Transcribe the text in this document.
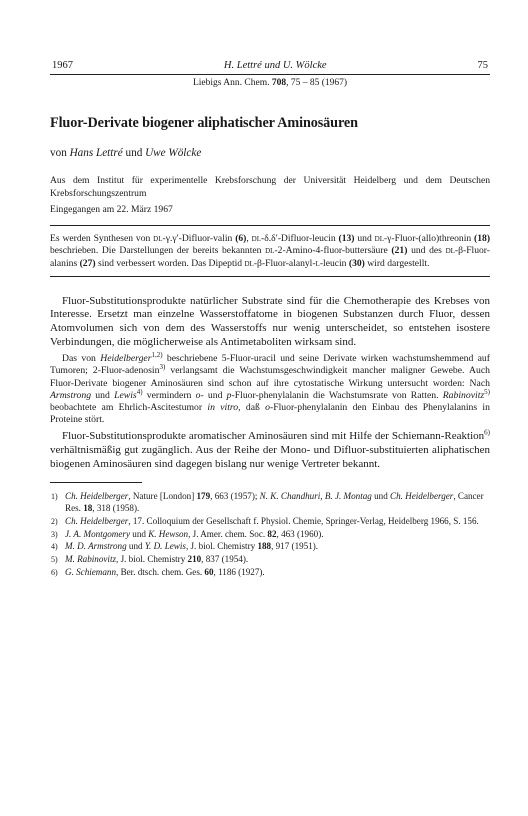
1967	H. Lettré und U. Wölcke	75
Liebigs Ann. Chem. 708, 75 – 85 (1967)
Fluor-Derivate biogener aliphatischer Aminosäuren
von Hans Lettré und Uwe Wölcke
Aus dem Institut für experimentelle Krebsforschung der Universität Heidelberg und dem Deutschen Krebsforschungszentrum
Eingegangen am 22. März 1967
Es werden Synthesen von dl-γ.γ′-Difluor-valin (6), dl-δ.δ′-Difluor-leucin (13) und dl-γ-Fluor-(allo)threonin (18) beschrieben. Die Darstellungen der bereits bekannten dl-2-Amino-4-fluor-buttersäure (21) und des dl-β-Fluor-alanins (27) sind verbessert worden. Das Dipeptid dl-β-Fluor-alanyl-l-leucin (30) wird dargestellt.

Fluor-Substitutionsprodukte natürlicher Substrate sind für die Chemotherapie des Krebses von Interesse. Ersetzt man einzelne Wasserstoffatome in biogenen Substanzen durch Fluor, dessen Atomvolumen sich von dem des Wasserstoffs nur wenig unterscheidet, so entstehen isostere Verbindungen, die möglicherweise als Antimetaboliten wirksam sind.

Das von Heidelberger$^{1,2)}$ beschriebene 5-Fluor-uracil und seine Derivate wirken wachstumshemmend auf Tumoren; 2-Fluor-adenosin$^{3)}$ verlangsamt die Wachstumsgeschwindigkeit mancher maligner Gewebe. Auch Fluor-Derivate biogener Aminosäuren sind schon auf ihre cytostatische Wirkung untersucht worden: Nach Armstrong und Lewis$^{4)}$ vermindern o- und p-Fluor-phenylalanin die Wachstumsrate von Ratten. Rabinovitz$^{5)}$ beobachtete am Ehrlich-Ascitestumor in vitro, daß o-Fluor-phenylalanin den Einbau des Phenylalanins in Proteine stört.

Fluor-Substitutionsprodukte aromatischer Aminosäuren sind mit Hilfe der Schiemann-Reaktion$^{6)}$ verhältnismäßig gut zugänglich. Aus der Reihe der Mono- und Difluor-substituierten aliphatischen biogenen Aminosäuren sind dagegen bislang nur wenige Vertreter bekannt.

1) Ch. Heidelberger, Nature [London] 179, 663 (1957); N. K. Chandhuri, B. J. Montag und Ch. Heidelberger, Cancer Res. 18, 318 (1958).
2) Ch. Heidelberger, 17. Colloquium der Gesellschaft f. Physiol. Chemie, Springer-Verlag, Heidelberg 1966, S. 156.
3) J. A. Montgomery und K. Hewson, J. Amer. chem. Soc. 82, 463 (1960).
4) M. D. Armstrong und Y. D. Lewis, J. biol. Chemistry 188, 917 (1951).
5) M. Rabinovitz, J. biol. Chemistry 210, 837 (1954).
6) G. Schiemann, Ber. dtsch. chem. Ges. 60, 1186 (1927).
